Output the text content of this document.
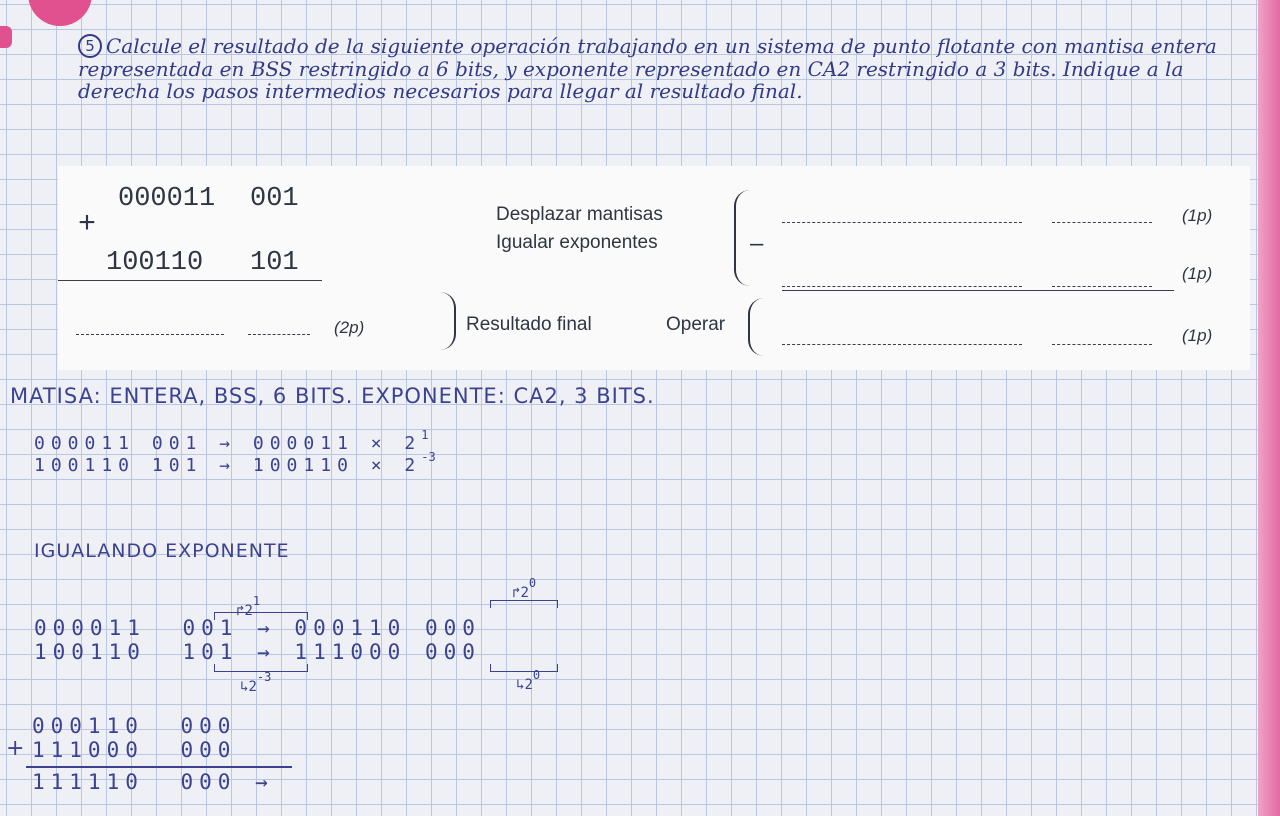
5 Calcule el resultado de la siguiente operación trabajando en un sistema de punto flotante con mantisa entera representada en BSS restringido a 6 bits, y exponente representado en CA2 restringido a 3 bits. Indique a la derecha los pasos intermedios necesarios para llegar al resultado final.

000011 001
+
100110 101
Desplazar mantisas
Igualar exponentes	–
(1p)
(1p)
(2p)	Resultado final	Operar
(1p)
MATISA: ENTERA, BSS, 6 BITS. EXPONENTE: CA2, 3 BITS.
000011 $001 \to 000011 \times 2^1$
100110 $101 \to 100110 \times 2^{-3}$
IGUALANDO EXPONENTE
↱21	↱20
000011 001 → 000110 000
100110 101 → 111000 000
↳2-3	↳20
000110 000
+ 111000 000
111110 000 →
